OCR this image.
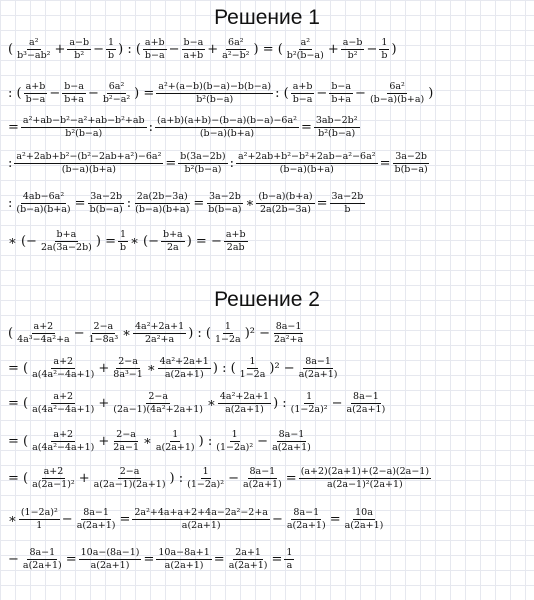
Решение 1
( $\frac{\text{a²}}{\text{b³−ab²}} + \frac{a-b}{\text{b²}} - \frac{1}{b}$ ) : ( $\frac{a+b}{b-a} - \frac{b-a}{a+b} + \frac{\text{6a²}}{\text{a²−b²}}$ ) = ( $\frac{\text{a²}}{\text{b²(b−a)}} + \frac{a-b}{\text{b²}} - \frac{1}{b}$ )
: ( $\frac{a+b}{b-a} - \frac{b-a}{b+a} - \frac{\text{6a²}}{\text{b²−a²}}$ ) = $\frac{\text{a²+(a−b)(b−a)−b(b−a)}}{\text{b²(b−a)}}$ : ( $\frac{a+b}{b-a} - \frac{b-a}{b+a} - \frac{\text{6a²}}{(b-a)(b+a)}$ )
= $\frac{\text{a²+ab−b²−a²+ab−b²+ab}}{\text{b²(b−a)}}$ : $\frac{\text{(a+b)(a+b)−(b−a)(b−a)−6a²}}{(b-a)(b+a)} = \frac{\text{3ab−2b²}}{\text{b²(b−a)}}$
: $\frac{\text{a²+2ab+b²−(b²−2ab+a²)−6a²}}{(b-a)(b+a)} = \frac{b(3a-2b)}{\text{b²(b−a)}}$ : $\frac{\text{a²+2ab+b²−b²+2ab−a²−6a²}}{(b-a)(b+a)} = \frac{3a-2b}{b(b-a)}$
: $\frac{\text{4ab−6a²}}{(b-a)(b+a)} = \frac{3a-2b}{b(b-a)}$ : $\frac{2a(2b-3a)}{(b-a)(b+a)} = \frac{3a-2b}{b(b-a)}$ ∗ $\frac{(b-a)(b+a)}{2a(2b-3a)} = \frac{3a-2b}{b}$
∗ (− $\frac{b+a}{2a(3a-2b)}$ ) = $\frac{1}{b}$ ∗ (− $\frac{b+a}{2a}$ ) = − $\frac{a+b}{2ab}$
Решение 2
( $\frac{a+2}{\text{4a³−4a²+a}} - \frac{2-a}{\text{1−8a³}}$ ∗ $\frac{\text{4a²+2a+1}}{\text{2a²+a}}$ ) : ( $\frac{1}{1-2a} )^2 - \frac{8a-1}{\text{2a²+a}}$
= ( $\frac{a+2}{\text{a(4a²−4a+1)}} + \frac{2-a}{\text{8a³−1}}$ ∗ $\frac{\text{4a²+2a+1}}{a(2a+1)}$ ) : ( $\frac{1}{1-2a} )^2 - \frac{8a-1}{a(2a+1)}$
= ( $\frac{a+2}{\text{a(4a²−4a+1)}} + \frac{2-a}{\text{(2a−1)(4a²+2a+1)}}$ ∗ $\frac{\text{4a²+2a+1}}{a(2a+1)}$ ) : $\frac{1}{\text{(1−2a)²}} - \frac{8a-1}{a(2a+1)}$
= ( $\frac{a+2}{\text{a(4a²−4a+1)}} + \frac{2-a}{2a-1}$ ∗ $\frac{1}{a(2a+1)}$ ) : $\frac{1}{\text{(1−2a)²}} - \frac{8a-1}{a(2a+1)}$
= ( $\frac{a+2}{\text{a(2a−1)²}} + \frac{2-a}{a(2a-1)(2a+1)}$ ) : $\frac{1}{\text{(1−2a)²}} - \frac{8a-1}{a(2a+1)} = \frac{(a+2)(2a+1)+(2-a)(2a-1)}{\text{a(2a−1)²(2a+1)}}$
∗ $\frac{\text{(1−2a)²}}{1} - \frac{8a-1}{a(2a+1)} = \frac{\text{2a²+4a+a+2+4a−2a²−2+a}}{a(2a+1)} - \frac{8a-1}{a(2a+1)} = \frac{10a}{a(2a+1)}$
− $\frac{8a-1}{a(2a+1)} = \frac{10a-(8a-1)}{a(2a+1)} = \frac{10a-8a+1}{a(2a+1)} = \frac{2a+1}{a(2a+1)} = \frac{1}{a}$
